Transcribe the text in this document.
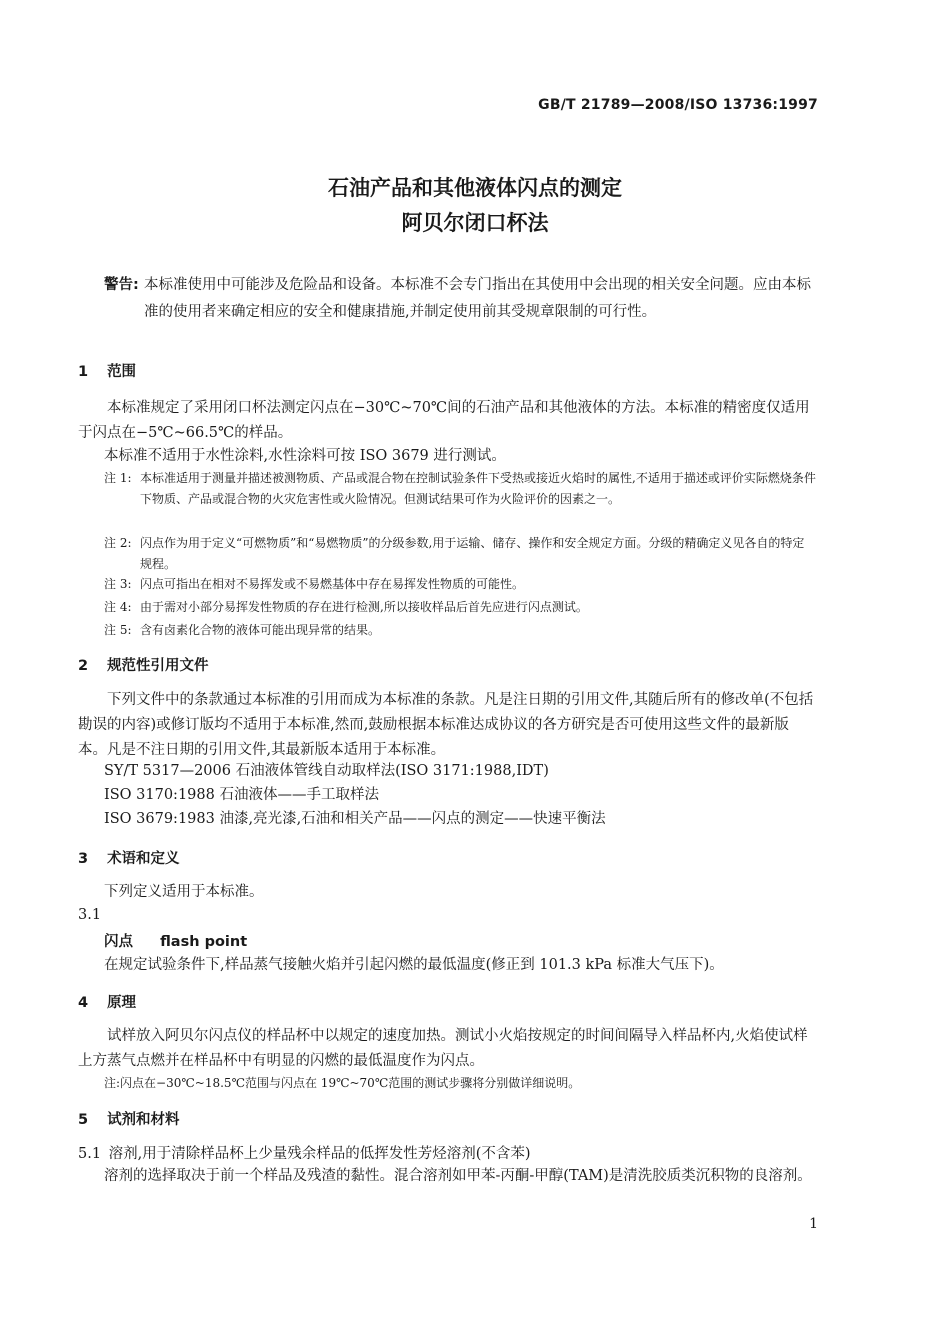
GB/T 21789—2008/ISO 13736:1997
石油产品和其他液体闪点的测定
阿贝尔闭口杯法
警告: 本标准使用中可能涉及危险品和设备。本标准不会专门指出在其使用中会出现的相关安全问题。应由本标准的使用者来确定相应的安全和健康措施,并制定使用前其受规章限制的可行性。
1 范围
本标准规定了采用闭口杯法测定闪点在−30℃~70℃间的石油产品和其他液体的方法。本标准的精密度仅适用于闪点在−5℃~66.5℃的样品。
本标准不适用于水性涂料,水性涂料可按 ISO 3679 进行测试。
注 1: 本标准适用于测量并描述被测物质、产品或混合物在控制试验条件下受热或接近火焰时的属性,不适用于描述或评价实际燃烧条件下物质、产品或混合物的火灾危害性或火险情况。但测试结果可作为火险评价的因素之一。
注 2: 闪点作为用于定义“可燃物质”和“易燃物质”的分级参数,用于运输、储存、操作和安全规定方面。分级的精确定义见各自的特定规程。
注 3: 闪点可指出在相对不易挥发或不易燃基体中存在易挥发性物质的可能性。
注 4: 由于需对小部分易挥发性物质的存在进行检测,所以接收样品后首先应进行闪点测试。
注 5: 含有卤素化合物的液体可能出现异常的结果。
2 规范性引用文件
下列文件中的条款通过本标准的引用而成为本标准的条款。凡是注日期的引用文件,其随后所有的修改单(不包括勘误的内容)或修订版均不适用于本标准,然而,鼓励根据本标准达成协议的各方研究是否可使用这些文件的最新版本。凡是不注日期的引用文件,其最新版本适用于本标准。
SY/T 5317—2006 石油液体管线自动取样法(ISO 3171:1988,IDT)
ISO 3170:1988 石油液体——手工取样法
ISO 3679:1983 油漆,亮光漆,石油和相关产品——闪点的测定——快速平衡法
3 术语和定义
下列定义适用于本标准。
3.1
闪点 flash point
在规定试验条件下,样品蒸气接触火焰并引起闪燃的最低温度(修正到 101.3 kPa 标准大气压下)。
4 原理
试样放入阿贝尔闪点仪的样品杯中以规定的速度加热。测试小火焰按规定的时间间隔导入样品杯内,火焰使试样上方蒸气点燃并在样品杯中有明显的闪燃的最低温度作为闪点。
注:闪点在−30℃~18.5℃范围与闪点在 19℃~70℃范围的测试步骤将分别做详细说明。
5 试剂和材料
5.1 溶剂,用于清除样品杯上少量残余样品的低挥发性芳烃溶剂(不含苯)
溶剂的选择取决于前一个样品及残渣的黏性。混合溶剂如甲苯-丙酮-甲醇(TAM)是清洗胶质类沉积物的良溶剂。
1
